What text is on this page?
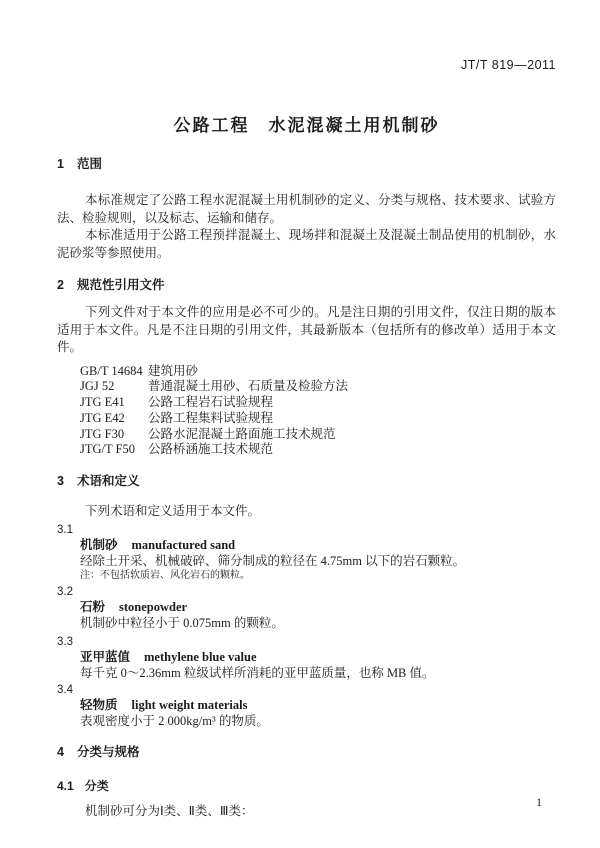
JT/T 819—2011
公路工程　水泥混凝土用机制砂
1 范围

本标准规定了公路工程水泥混凝土用机制砂的定义、分类与规格、技术要求、试验方法、检验规则，以及标志、运输和储存。

本标准适用于公路工程预拌混凝土、现场拌和混凝土及混凝土制品使用的机制砂，水泥砂浆等参照使用。

2 规范性引用文件

下列文件对于本文件的应用是必不可少的。凡是注日期的引用文件，仅注日期的版本适用于本文件。凡是不注日期的引用文件，其最新版本（包括所有的修改单）适用于本文件。

GB/T 14684 建筑用砂
JGJ 52	普通混凝土用砂、石质量及检验方法
JTG E41	公路工程岩石试验规程
JTG E42	公路工程集料试验规程
JTG F30	公路水泥混凝土路面施工技术规范
JTG/T F50	公路桥涵施工技术规范
3 术语和定义

下列术语和定义适用于本文件。

3.1
机制砂 manufactured sand
经除土开采、机械破碎、筛分制成的粒径在 4.75mm 以下的岩石颗粒。
注：不包括软质岩、风化岩石的颗粒。
3.2
石粉 stonepowder
机制砂中粒径小于 0.075mm 的颗粒。
3.3
亚甲蓝值 methylene blue value
每千克 0～2.36mm 粒级试样所消耗的亚甲蓝质量，也称 MB 值。
3.4
轻物质 light weight materials
表观密度小于 2 000kg/m³ 的物质。
4 分类与规格
4.1 分类

机制砂可分为Ⅰ类、Ⅱ类、Ⅲ类：

1
